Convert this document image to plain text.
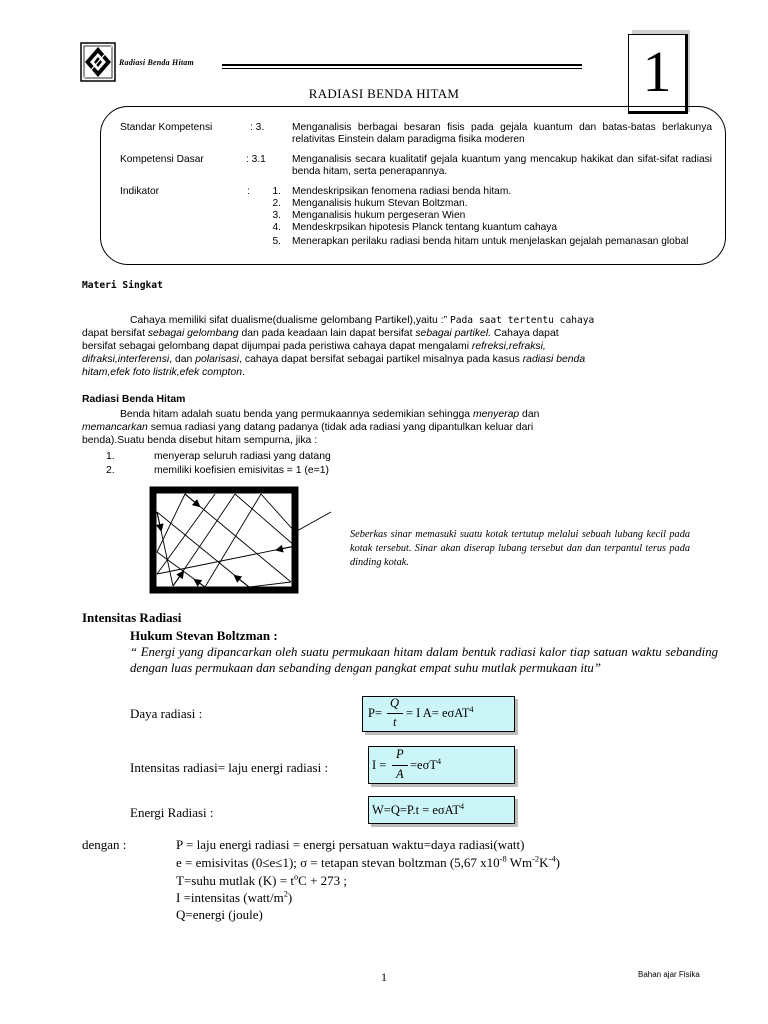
Radiasi Benda Hitam	1
RADIASI BENDA HITAM
Standar Kompetensi	: 3.	Menganalisis berbagai besaran fisis pada gejala kuantum dan batas-batas berlakunya relativitas Einstein dalam paradigma fisika moderen
Kompetensi Dasar	: 3.1	Menganalisis secara kualitatif gejala kuantum yang mencakup hakikat dan sifat-sifat radiasi benda hitam, serta penerapannya.
Indikator	:	1. Mendeskripsikan fenomena radiasi benda hitam.
2. Menganalisis hukum Stevan Boltzman.
3. Menganalisis hukum pergeseran Wien
4. Mendeskrpsikan hipotesis Planck tentang kuantum cahaya
5. Menerapkan perilaku radiasi benda hitam untuk menjelaskan gejalah pemanasan global
Materi Singkat
Cahaya memiliki sifat dualisme(dualisme gelombang Partikel),yaitu :” Pada saat tertentu cahaya
dapat bersifat sebagai gelombang dan pada keadaan lain dapat bersifat sebagai partikel. Cahaya dapat
bersifat sebagai gelombang dapat dijumpai pada peristiwa cahaya dapat mengalami refreksi,refraksi,
difraksi,interferensi, dan polarisasi, cahaya dapat bersifat sebagai partikel misalnya pada kasus radiasi benda
hitam,efek foto listrik,efek compton.
Radiasi Benda Hitam
Benda hitam adalah suatu benda yang permukaannya sedemikian sehingga menyerap dan
memancarkan semua radiasi yang datang padanya (tidak ada radiasi yang dipantulkan keluar dari
benda).Suatu benda disebut hitam sempurna, jika :
1.	menyerap seluruh radiasi yang datang
2.	memiliki koefisien emisivitas = 1 (e=1)
Seberkas sinar memasuki suatu kotak tertutup melalui sebuah lubang kecil pada kotak tersebut. Sinar akan diserap lubang tersebut dan dan terpantul terus pada dinding kotak.
Intensitas Radiasi
Hukum Stevan Boltzman :
“ Energi yang dipancarkan oleh suatu permukaan hitam dalam bentuk radiasi kalor tiap satuan waktu sebanding dengan luas permukaan dan sebanding dengan pangkat empat suhu mutlak permukaan itu”
Daya radiasi :	P=
Q
t
= I A= eσAT$^4$
Intensitas radiasi= laju energi radiasi :	I =
P
A
=eσT$^4$
Energi Radiasi :	W=Q=P.t = eσAT$^4$
dengan :	P = laju energi radiasi = energi persatuan waktu=daya radiasi(watt)
e = emisivitas (0≤e≤1); σ = tetapan stevan boltzman (5,67 $x10^{-8}$ $Wm^{-2}K^{-4}$)
T=suhu mutlak $(K) = t^oC + 273$ ;
I =intensitas $(watt/m^2)$
Q=energi (joule)
1	Bahan ajar Fisika
